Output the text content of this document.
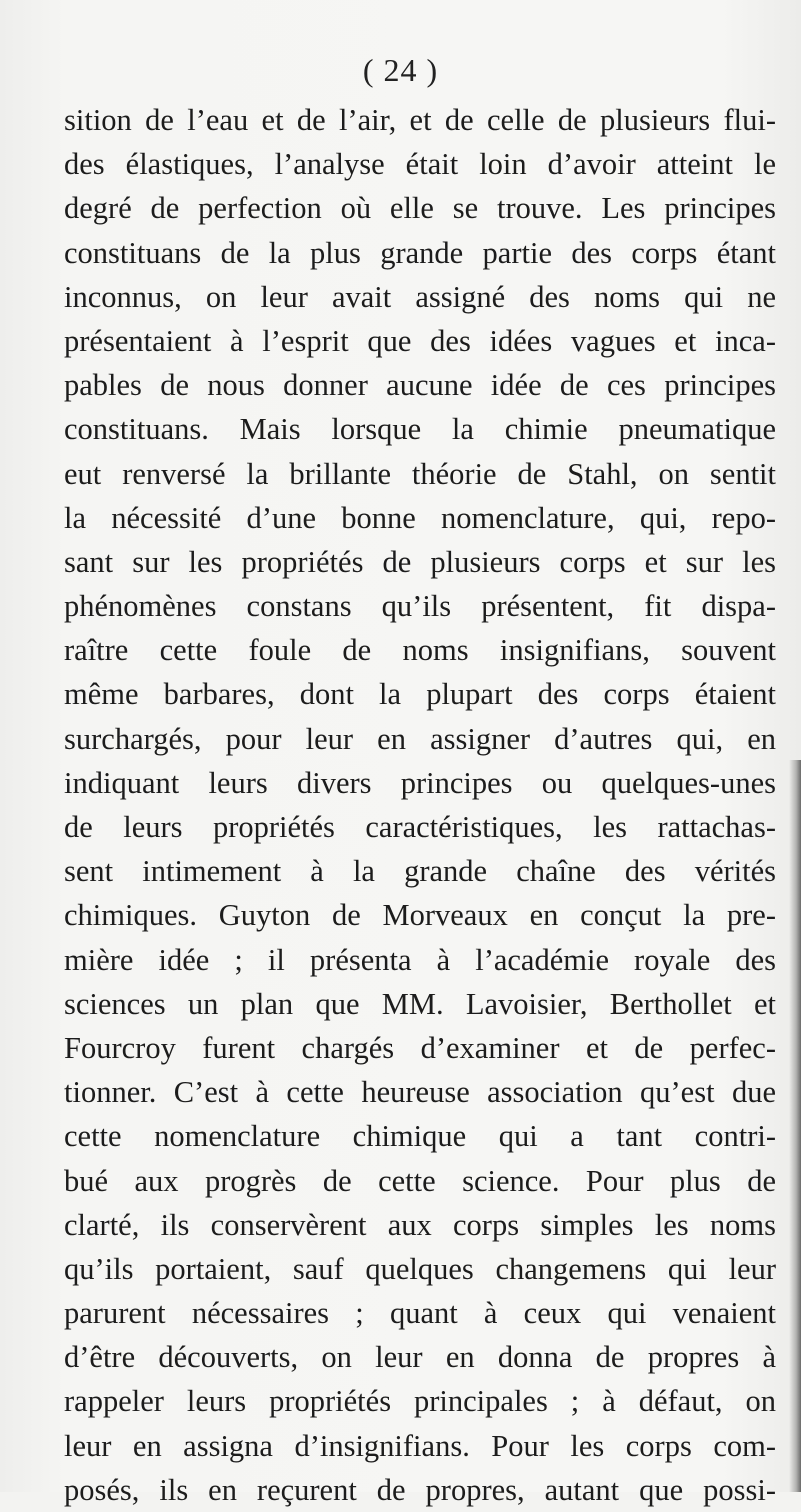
( 24 )
sition de l’eau et de l’air, et de celle de plusieurs flui-
des élastiques, l’analyse était loin d’avoir atteint le
degré de perfection où elle se trouve. Les principes
constituans de la plus grande partie des corps étant
inconnus, on leur avait assigné des noms qui ne
présentaient à l’esprit que des idées vagues et inca-
pables de nous donner aucune idée de ces principes
constituans. Mais lorsque la chimie pneumatique
eut renversé la brillante théorie de Stahl, on sentit
la nécessité d’une bonne nomenclature, qui, repo-
sant sur les propriétés de plusieurs corps et sur les
phénomènes constans qu’ils présentent, fit dispa-
raître cette foule de noms insignifians, souvent
même barbares, dont la plupart des corps étaient
surchargés, pour leur en assigner d’autres qui, en
indiquant leurs divers principes ou quelques-unes
de leurs propriétés caractéristiques, les rattachas-
sent intimement à la grande chaîne des vérités
chimiques. Guyton de Morveaux en conçut la pre-
mière idée ; il présenta à l’académie royale des
sciences un plan que MM. Lavoisier, Berthollet et
Fourcroy furent chargés d’examiner et de perfec-
tionner. C’est à cette heureuse association qu’est due
cette nomenclature chimique qui a tant contri-
bué aux progrès de cette science. Pour plus de
clarté, ils conservèrent aux corps simples les noms
qu’ils portaient, sauf quelques changemens qui leur
parurent nécessaires ; quant à ceux qui venaient
d’être découverts, on leur en donna de propres à
rappeler leurs propriétés principales ; à défaut, on
leur en assigna d’insignifians. Pour les corps com-
posés, ils en reçurent de propres, autant que possi-
